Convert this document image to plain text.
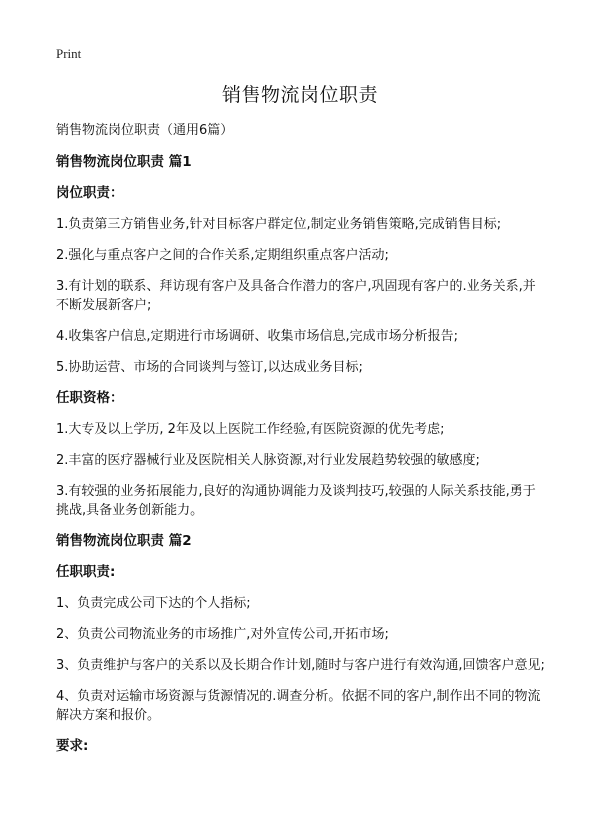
Print
销售物流岗位职责
销售物流岗位职责（通用6篇）
销售物流岗位职责 篇1
岗位职责：
1.负责第三方销售业务,针对目标客户群定位,制定业务销售策略,完成销售目标;
2.强化与重点客户之间的合作关系,定期组织重点客户活动;
3.有计划的联系、拜访现有客户及具备合作潜力的客户,巩固现有客户的.业务关系,并不断发展新客户;
4.收集客户信息,定期进行市场调研、收集市场信息,完成市场分析报告;
5.协助运营、市场的合同谈判与签订,以达成业务目标;
任职资格：
1.大专及以上学历, 2年及以上医院工作经验,有医院资源的优先考虑;
2.丰富的医疗器械行业及医院相关人脉资源,对行业发展趋势较强的敏感度;
3.有较强的业务拓展能力,良好的沟通协调能力及谈判技巧,较强的人际关系技能,勇于挑战,具备业务创新能力。
销售物流岗位职责 篇2
任职职责:
1、负责完成公司下达的个人指标;
2、负责公司物流业务的市场推广,对外宣传公司,开拓市场;
3、负责维护与客户的关系以及长期合作计划,随时与客户进行有效沟通,回馈客户意见;
4、负责对运输市场资源与货源情况的.调查分析。依据不同的客户,制作出不同的物流解决方案和报价。
要求:
